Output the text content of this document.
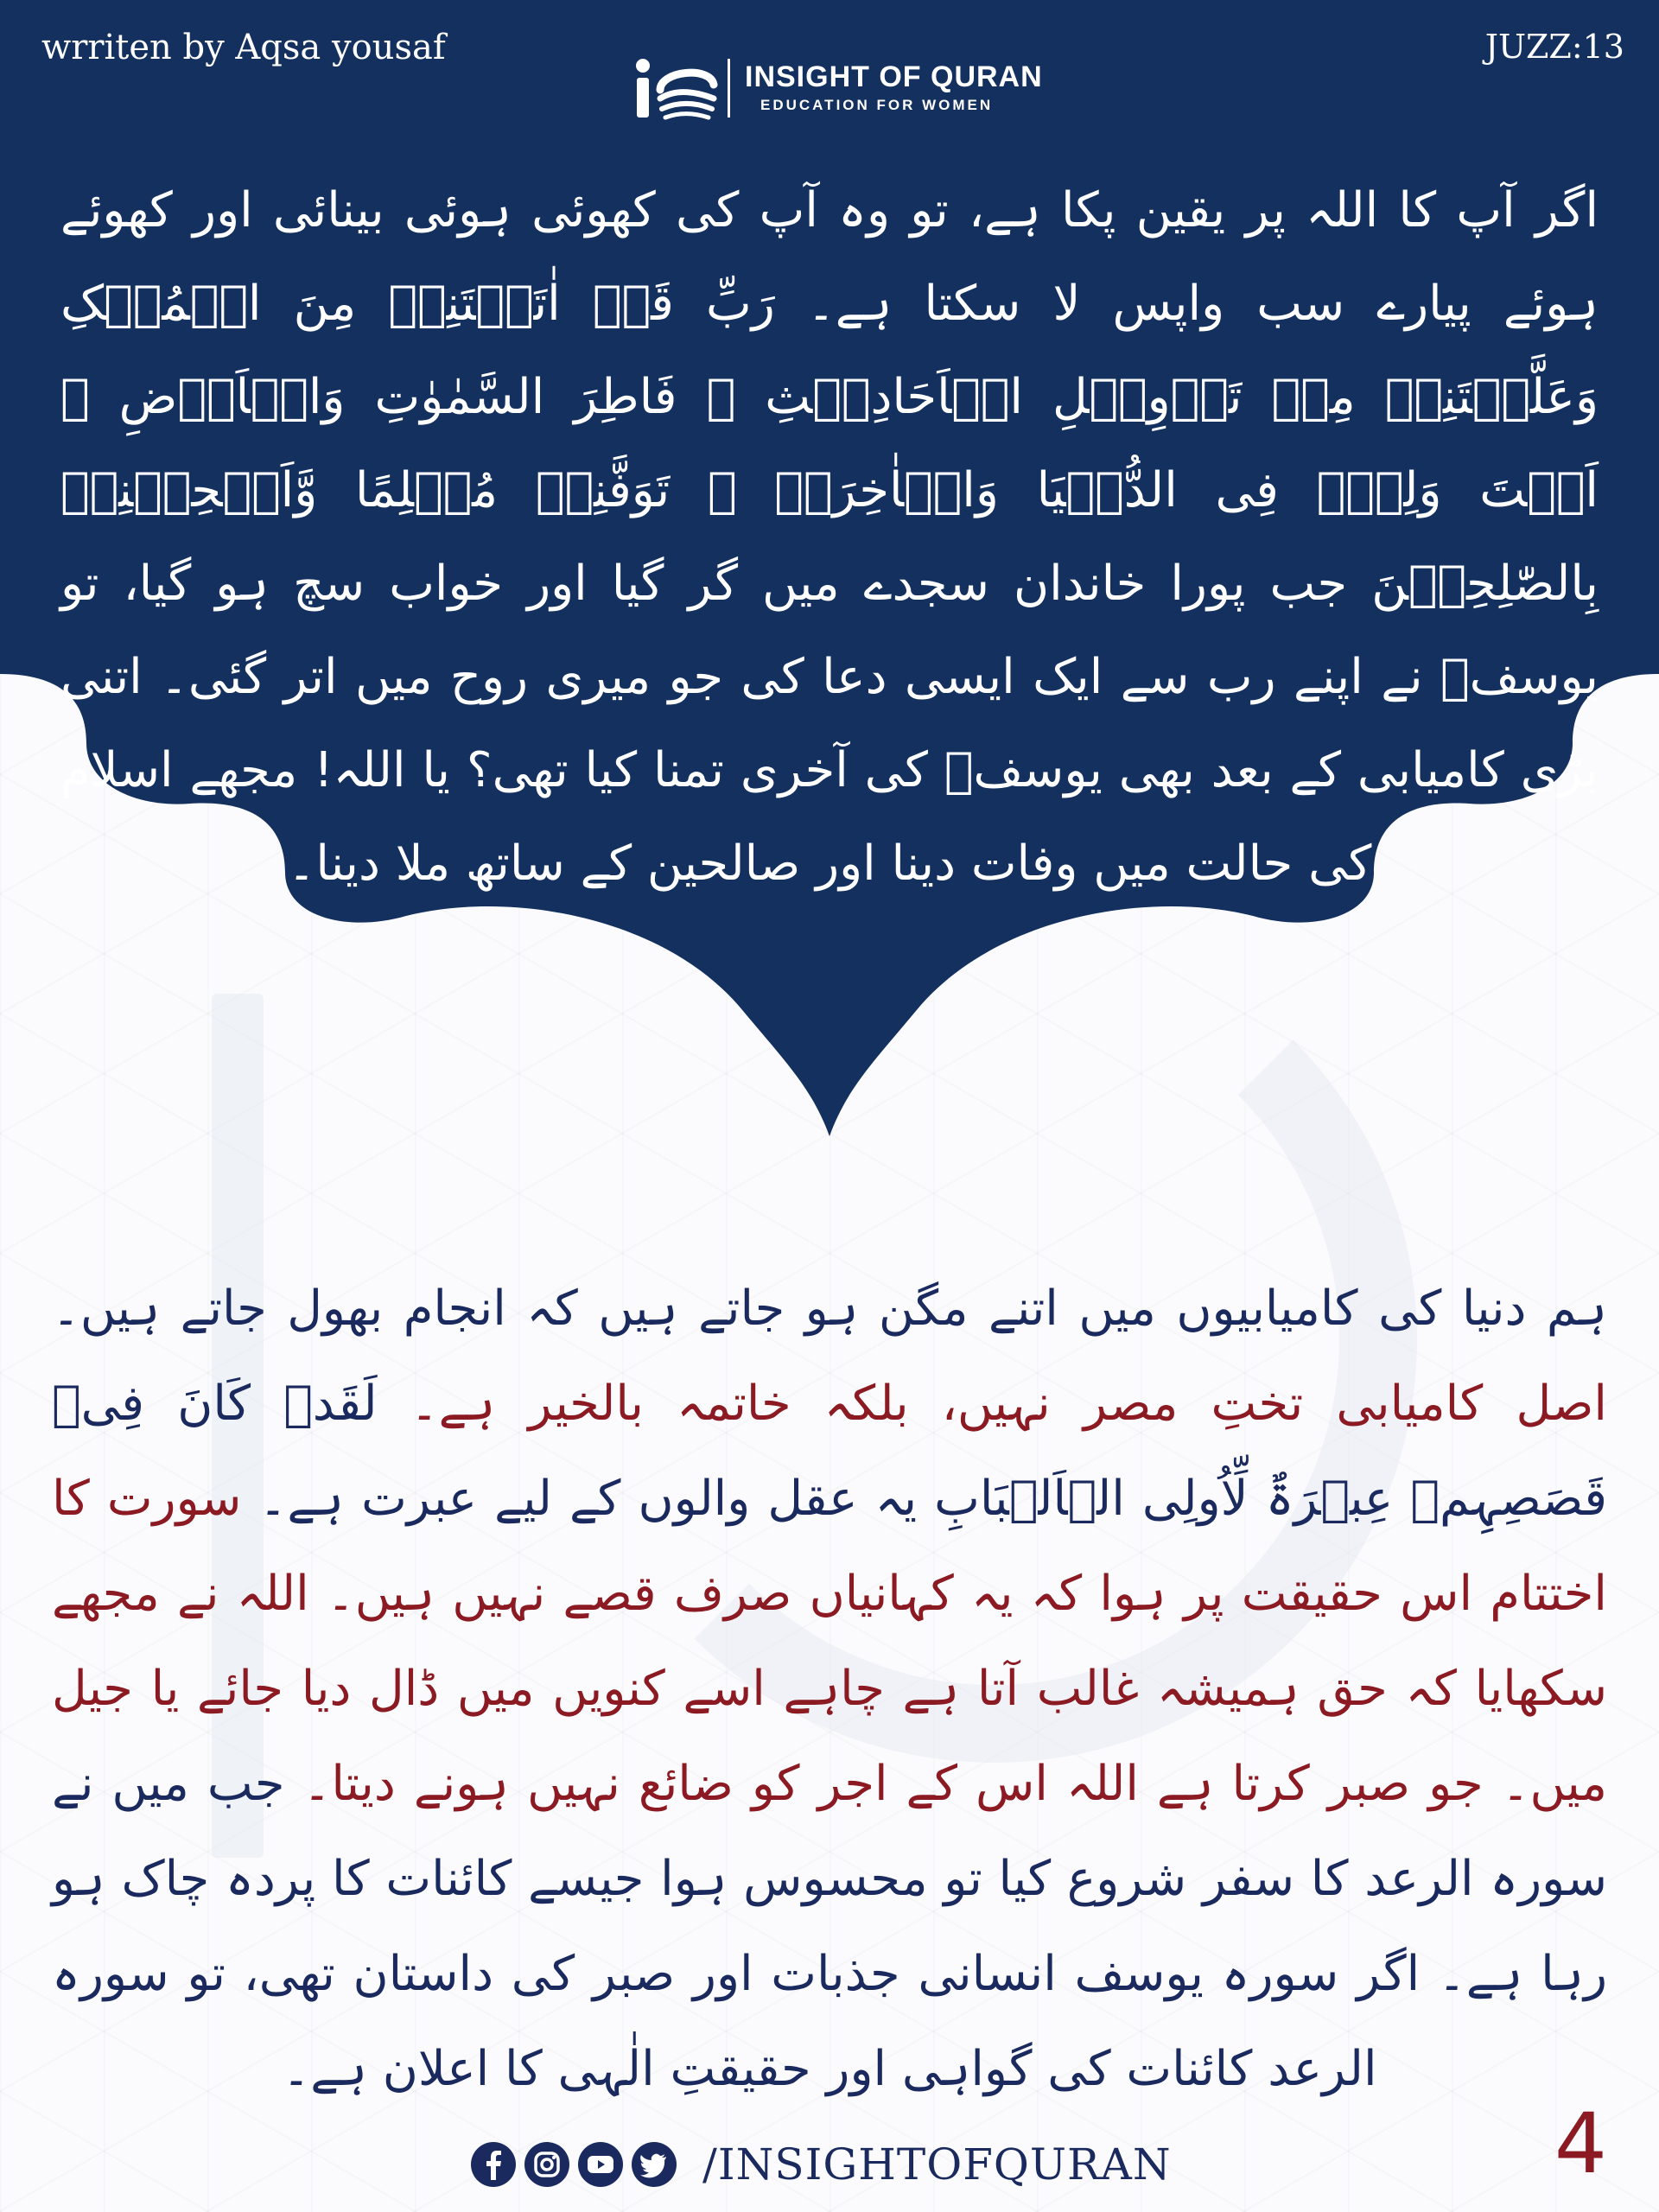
wrriten by Aqsa yousaf	JUZZ:13
INSIGHT OF QURAN
EDUCATION FOR WOMEN
اگر آپ کا اللہ پر یقین پکا ہے، تو وہ آپ کی کھوئی ہوئی بینائی اور کھوئے ہوئے پیارے سب واپس لا سکتا ہے۔ رَبِّ قَدۡ اٰتَیۡتَنِیۡ مِنَ الۡمُلۡکِ وَعَلَّمۡتَنِیۡ مِنۡ تَاۡوِیۡلِ الۡاَحَادِیۡثِ ۚ فَاطِرَ السَّمٰوٰتِ وَالۡاَرۡضِ ۟ اَنۡتَ وَلِیّٖ فِی الدُّنۡیَا وَالۡاٰخِرَۃِ ۚ تَوَفَّنِیۡ مُسۡلِمًا وَّاَلۡحِقۡنِیۡ بِالصّٰلِحِیۡنَ جب پورا خاندان سجدے میں گر گیا اور خواب سچ ہو گیا، تو یوسفؑ نے اپنے رب سے ایک ایسی دعا کی جو میری روح میں اتر گئی۔ اتنی بڑی کامیابی کے بعد بھی یوسفؑ کی آخری تمنا کیا تھی؟ یا اللہ! مجھے اسلام کی حالت میں وفات دینا اور صالحین کے ساتھ ملا دینا۔
ہم دنیا کی کامیابیوں میں اتنے مگن ہو جاتے ہیں کہ انجام بھول جاتے ہیں۔ اصل کامیابی تختِ مصر نہیں، بلکہ خاتمہ بالخیر ہے۔ لَقَدۡ کَانَ فِیۡ قَصَصِہِمۡ عِبۡرَۃٌ لِّاُولِی الۡاَلۡبَابِ یہ عقل والوں کے لیے عبرت ہے۔ سورت کا اختتام اس حقیقت پر ہوا کہ یہ کہانیاں صرف قصے نہیں ہیں۔ اللہ نے مجھے سکھایا کہ حق ہمیشہ غالب آتا ہے چاہے اسے کنویں میں ڈال دیا جائے یا جیل میں۔ جو صبر کرتا ہے اللہ اس کے اجر کو ضائع نہیں ہونے دیتا۔ جب میں نے سورہ الرعد کا سفر شروع کیا تو محسوس ہوا جیسے کائنات کا پردہ چاک ہو رہا ہے۔ اگر سورہ یوسف انسانی جذبات اور صبر کی داستان تھی، تو سورہ الرعد کائنات کی گواہی اور حقیقتِ الٰہی کا اعلان ہے۔
4
/INSIGHTOFQURAN
